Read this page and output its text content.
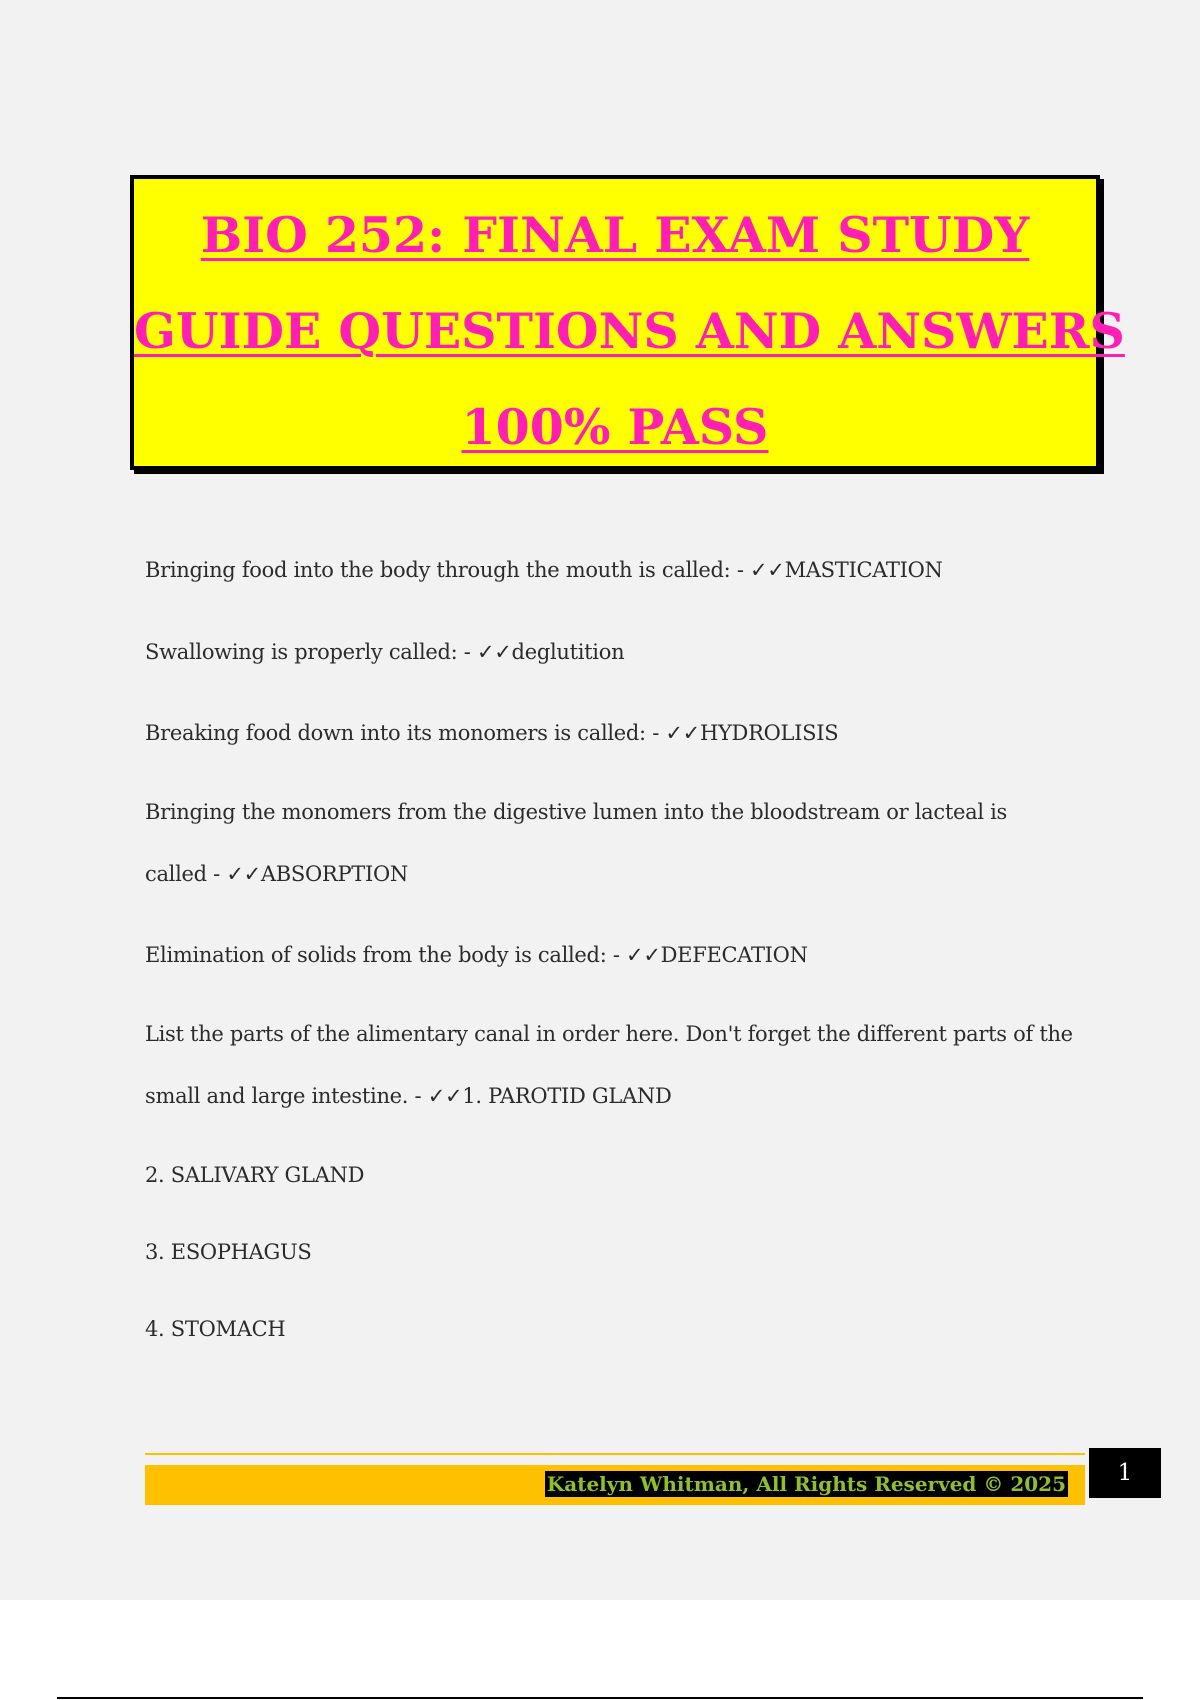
BIO 252: FINAL EXAM STUDY
GUIDE QUESTIONS AND ANSWERS
100% PASS

Bringing food into the body through the mouth is called: - ✓✓MASTICATION

Swallowing is properly called: - ✓✓deglutition

Breaking food down into its monomers is called: - ✓✓HYDROLISIS

Bringing the monomers from the digestive lumen into the bloodstream or lacteal is called - ✓✓ABSORPTION

Elimination of solids from the body is called: - ✓✓DEFECATION

List the parts of the alimentary canal in order here. Don't forget the different parts of the small and large intestine. - ✓✓1. PAROTID GLAND

2. SALIVARY GLAND

3. ESOPHAGUS

4. STOMACH

Katelyn Whitman, All Rights Reserved © 2025	1
